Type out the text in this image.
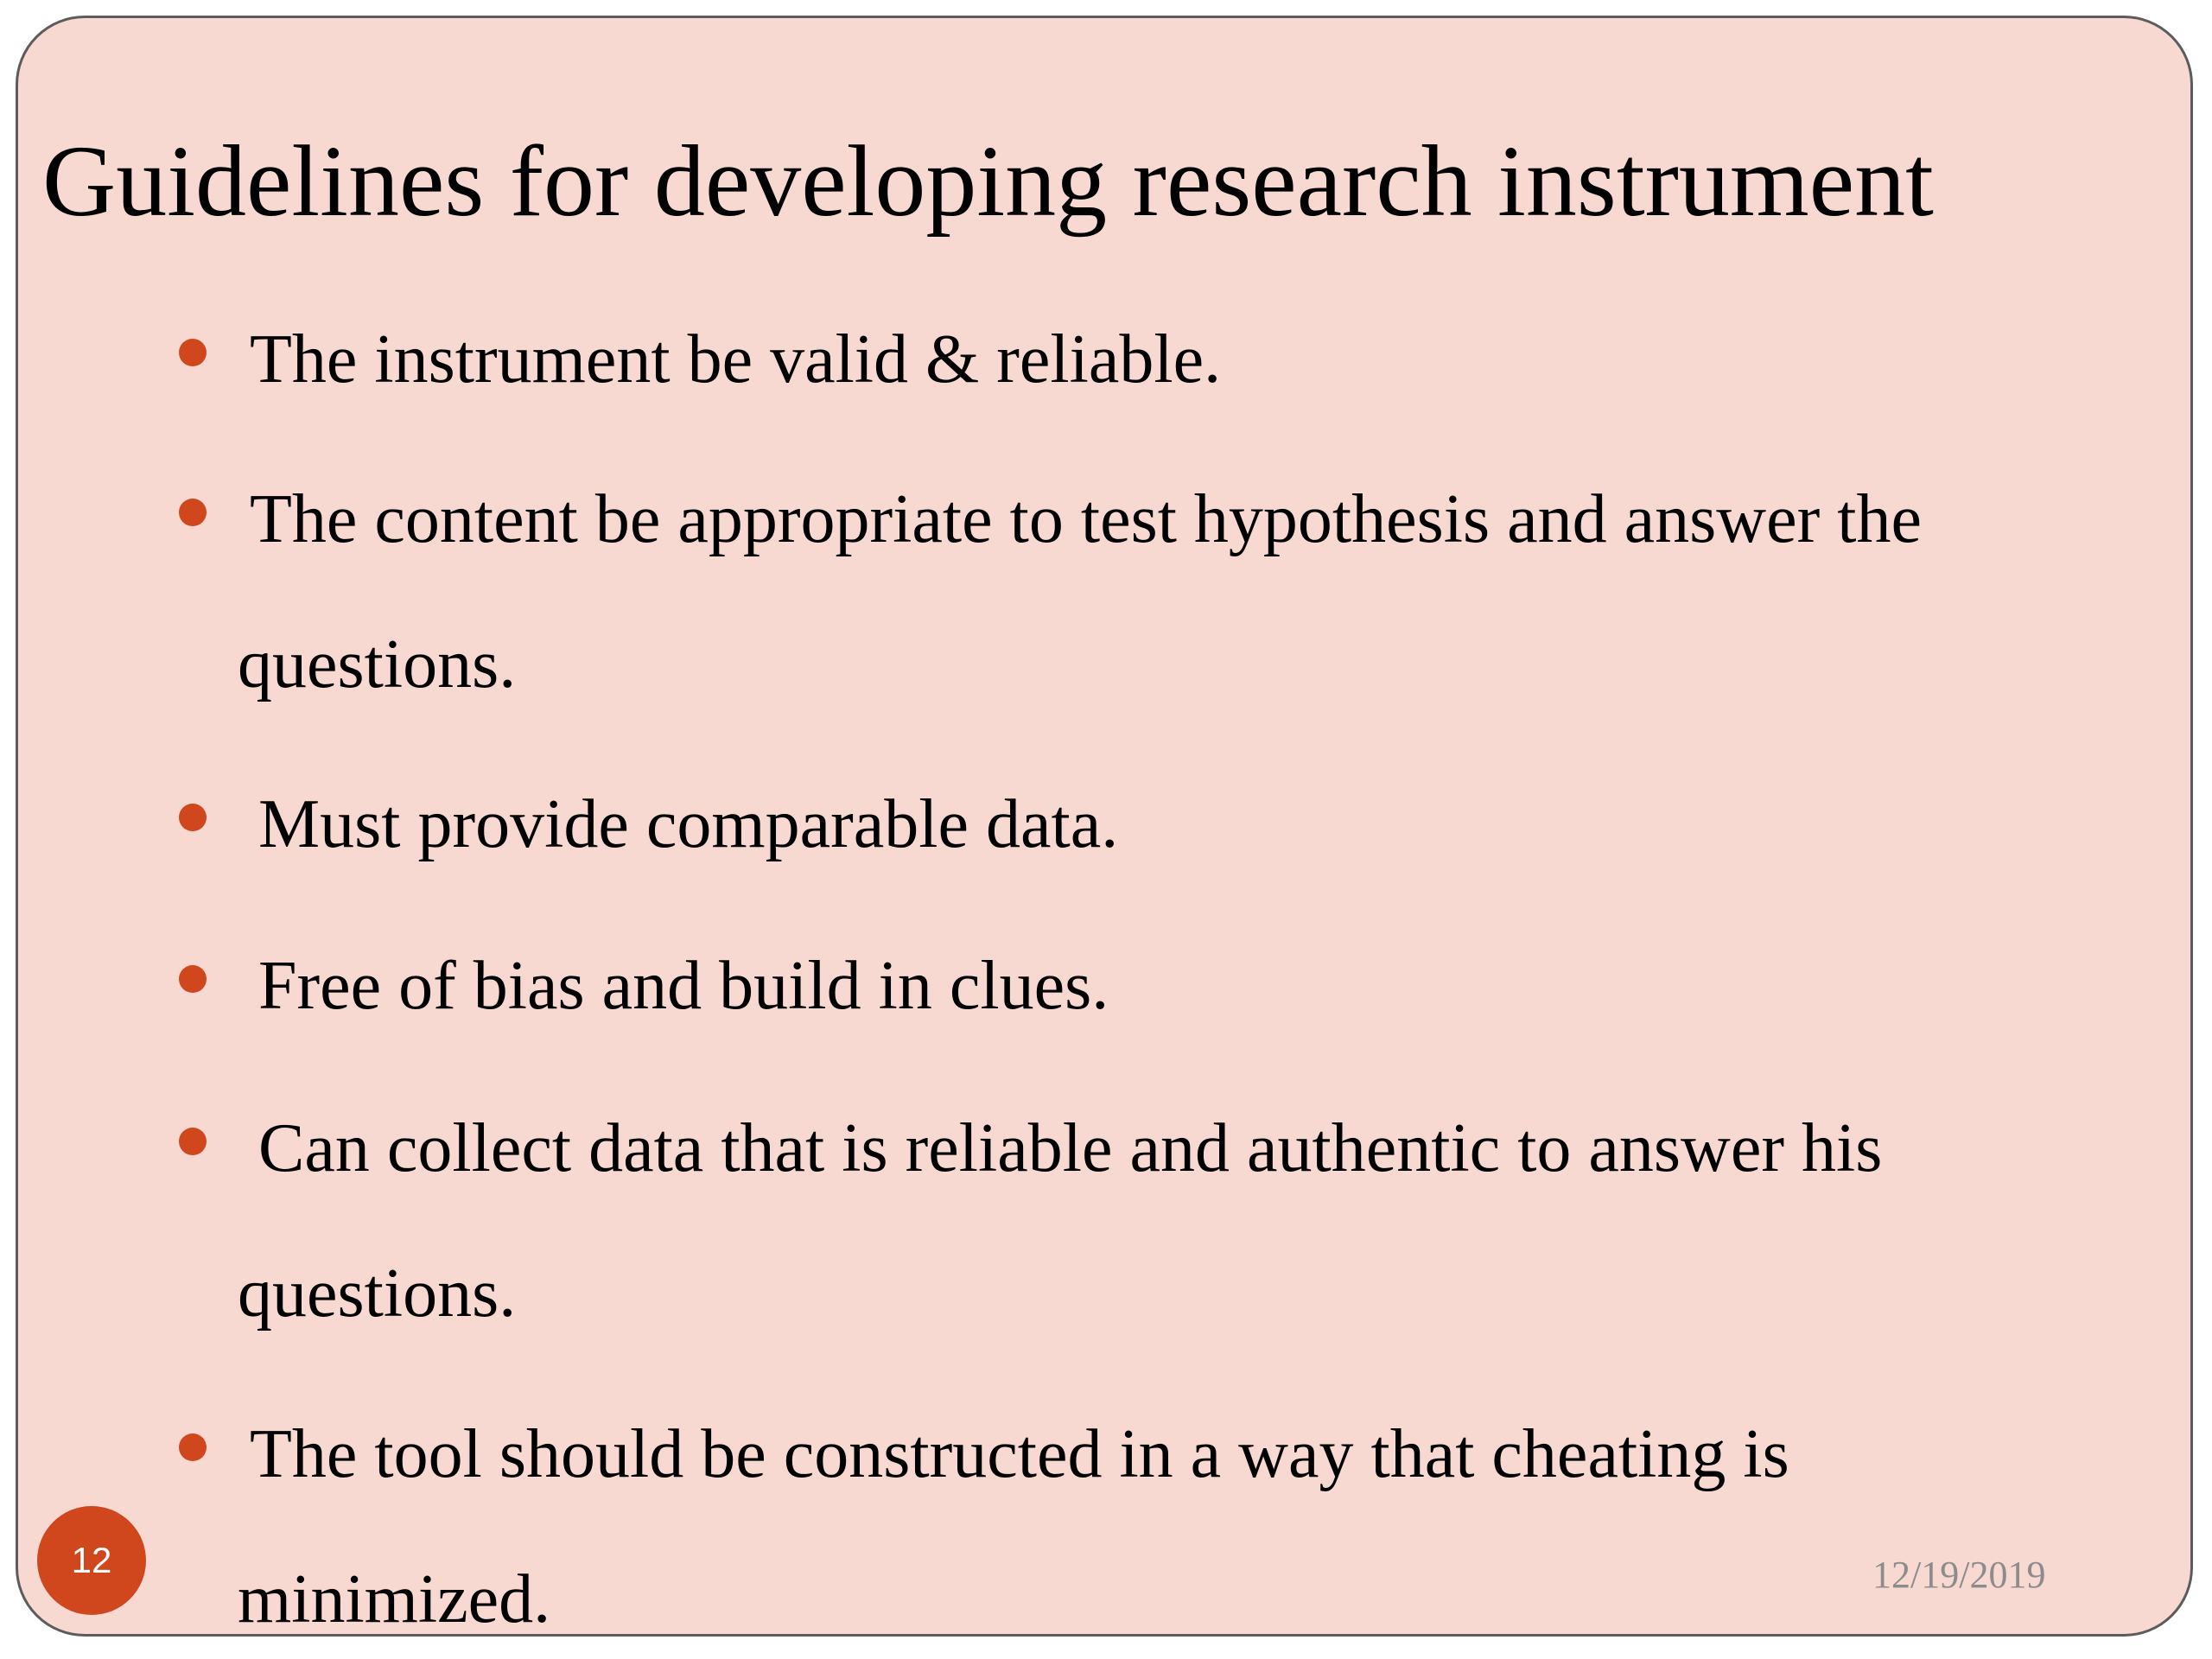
Guidelines for developing research instrument
The instrument be valid & reliable.
The content be appropriate to test hypothesis and answer the
questions.
Must provide comparable data.
Free of bias and build in clues.
Can collect data that is reliable and authentic to answer his
questions.
The tool should be constructed in a way that cheating is
minimized.
12	12/19/2019
